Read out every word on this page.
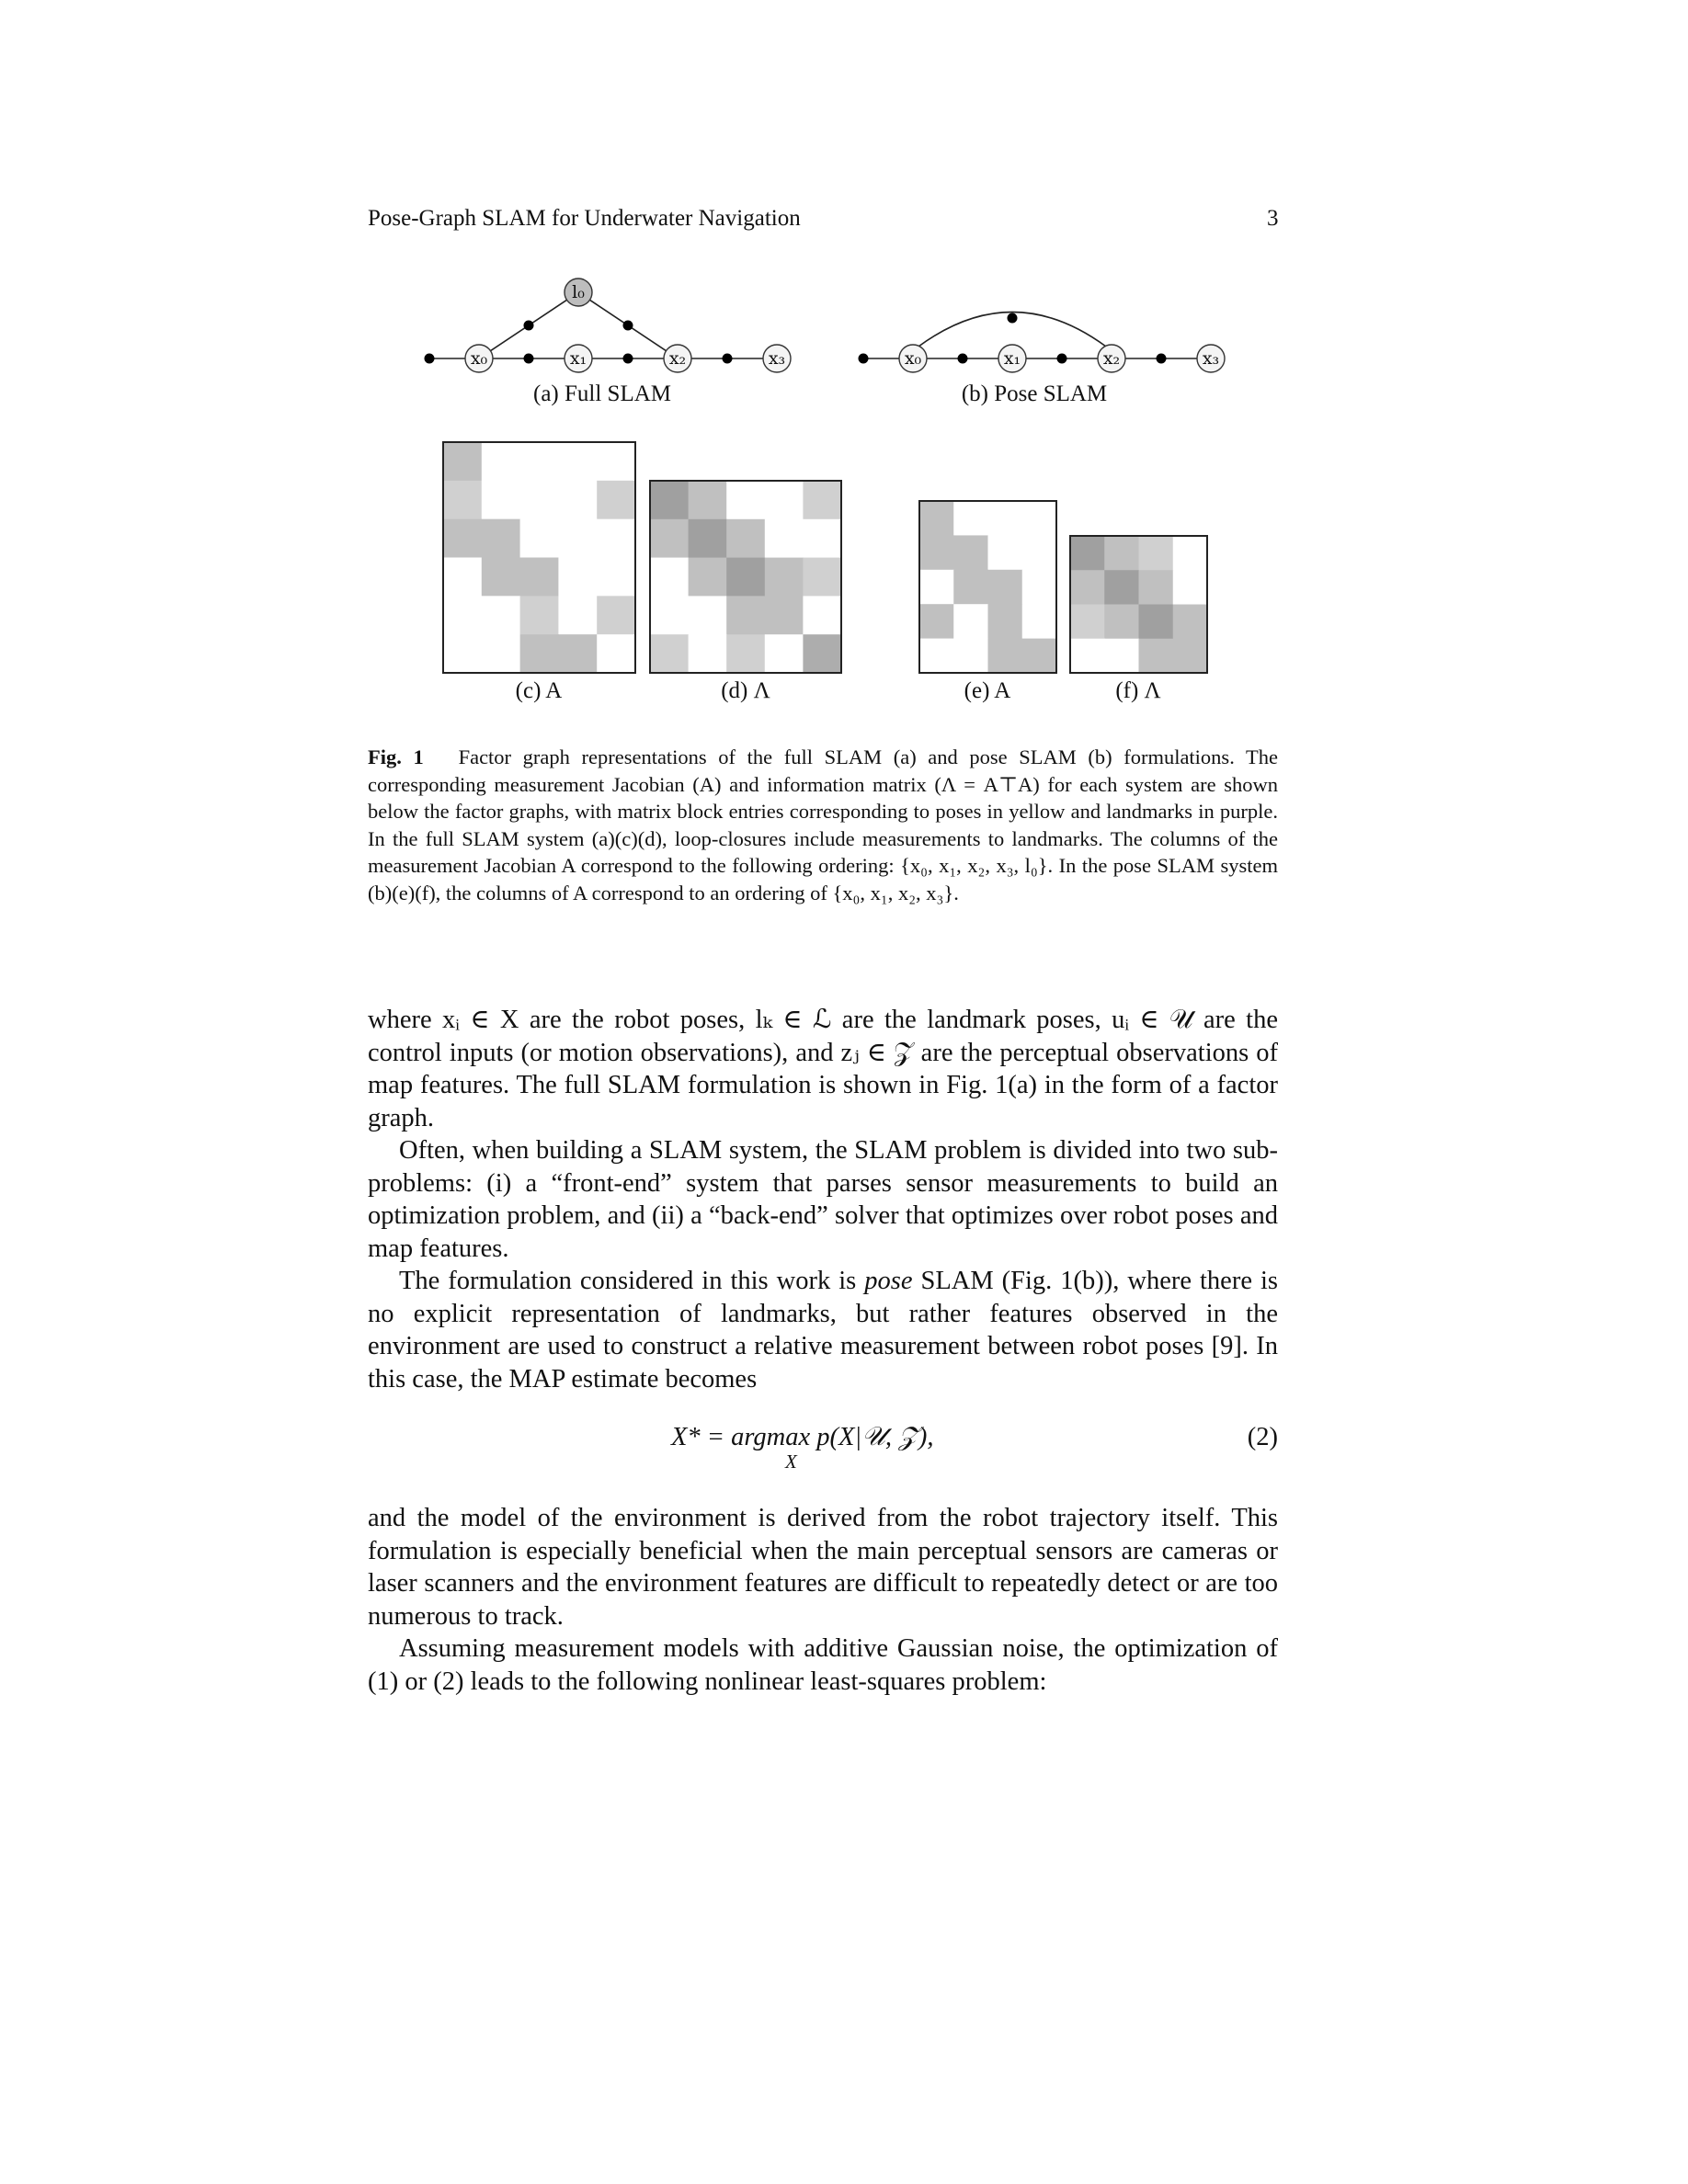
Pose-Graph SLAM for Underwater Navigation	3
x₀	x₁	x₂	x₃
l₀
x₀	x₁	x₂	x₃
(a) Full SLAM	(b) Pose SLAM
(c) A	(d) Λ	(e) A	(f) Λ
Fig. 1 Factor graph representations of the full SLAM (a) and pose SLAM (b) formulations. The corresponding measurement Jacobian (A) and information matrix (Λ = A⊤A) for each system are shown below the factor graphs, with matrix block entries corresponding to poses in yellow and landmarks in purple. In the full SLAM system (a)(c)(d), loop-closures include measurements to landmarks. The columns of the measurement Jacobian A correspond to the following ordering: {x₀, x₁, x₂, x₃, l₀}. In the pose SLAM system (b)(e)(f), the columns of A correspond to an ordering of {x₀, x₁, x₂, x₃}.

where xᵢ ∈ X are the robot poses, lₖ ∈ ℒ are the landmark poses, uᵢ ∈ 𝒰 are the control inputs (or motion observations), and zⱼ ∈ 𝒵 are the perceptual observations of map features. The full SLAM formulation is shown in Fig. 1(a) in the form of a factor graph.

Often, when building a SLAM system, the SLAM problem is divided into two sub-problems: (i) a “front-end” system that parses sensor measurements to build an optimization problem, and (ii) a “back-end” solver that optimizes over robot poses and map features.

The formulation considered in this work is pose SLAM (Fig. 1(b)), where there is no explicit representation of landmarks, but rather features observed in the environment are used to construct a relative measurement between robot poses [9]. In this case, the MAP estimate becomes

X* = argmax p(X|𝒰, 𝒵),
X
(2)

and the model of the environment is derived from the robot trajectory itself. This formulation is especially beneficial when the main perceptual sensors are cameras or laser scanners and the environment features are difficult to repeatedly detect or are too numerous to track.

Assuming measurement models with additive Gaussian noise, the optimization of (1) or (2) leads to the following nonlinear least-squares problem:
